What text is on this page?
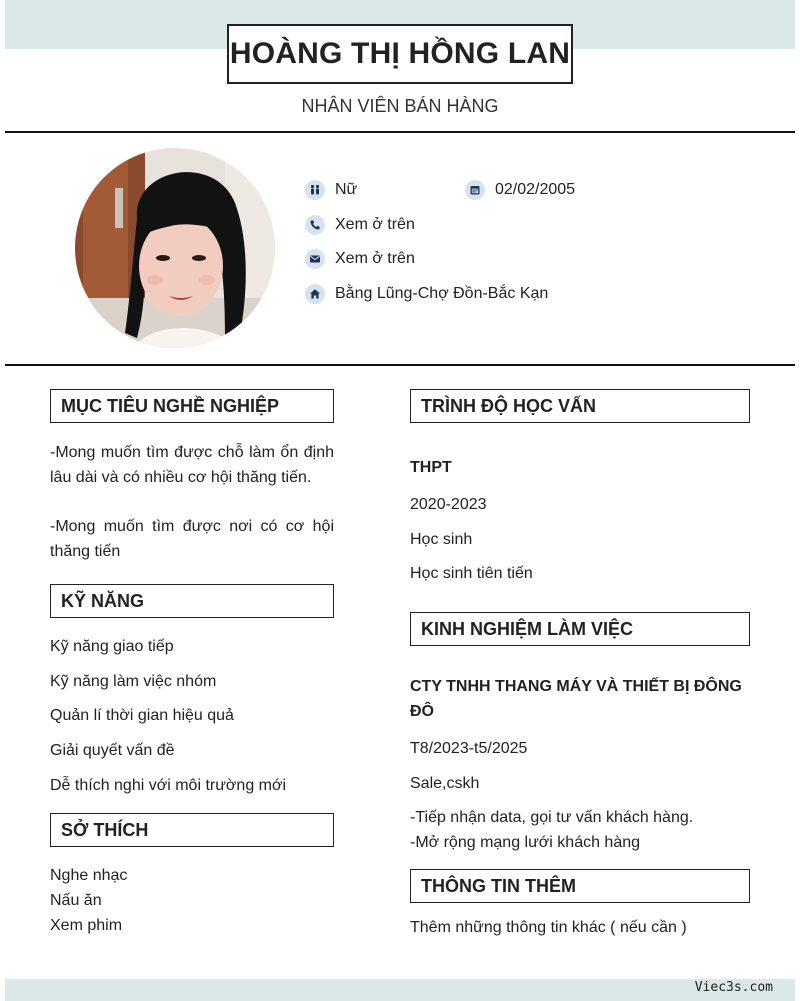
HOÀNG THỊ HỒNG LAN
NHÂN VIÊN BÁN HÀNG
Nữ	02/02/2005
Xem ở trên
Xem ở trên
Bằng Lũng-Chợ Đồn-Bắc Kạn
MỤC TIÊU NGHỀ NGHIỆP
-Mong muốn tìm được chỗ làm ổn định lâu dài và có nhiều cơ hội thăng tiến.
-Mong muốn tìm được nơi có cơ hội thăng tiến
KỸ NĂNG
Kỹ năng giao tiếp
Kỹ năng làm việc nhóm
Quản lí thời gian hiệu quả
Giải quyết vấn đề
Dễ thích nghi với môi trường mới
SỞ THÍCH
Nghe nhạc
Nấu ăn
Xem phim
TRÌNH ĐỘ HỌC VẤN
THPT
2020-2023
Học sinh
Học sinh tiên tiến
KINH NGHIỆM LÀM VIỆC
CTY TNHH THANG MÁY VÀ THIẾT BỊ ĐÔNG ĐÔ
T8/2023-t5/2025
Sale,cskh
-Tiếp nhận data, gọi tư vấn khách hàng.
-Mở rộng mạng lưới khách hàng
THÔNG TIN THÊM
Thêm những thông tin khác ( nếu cần )
Viec3s.com
